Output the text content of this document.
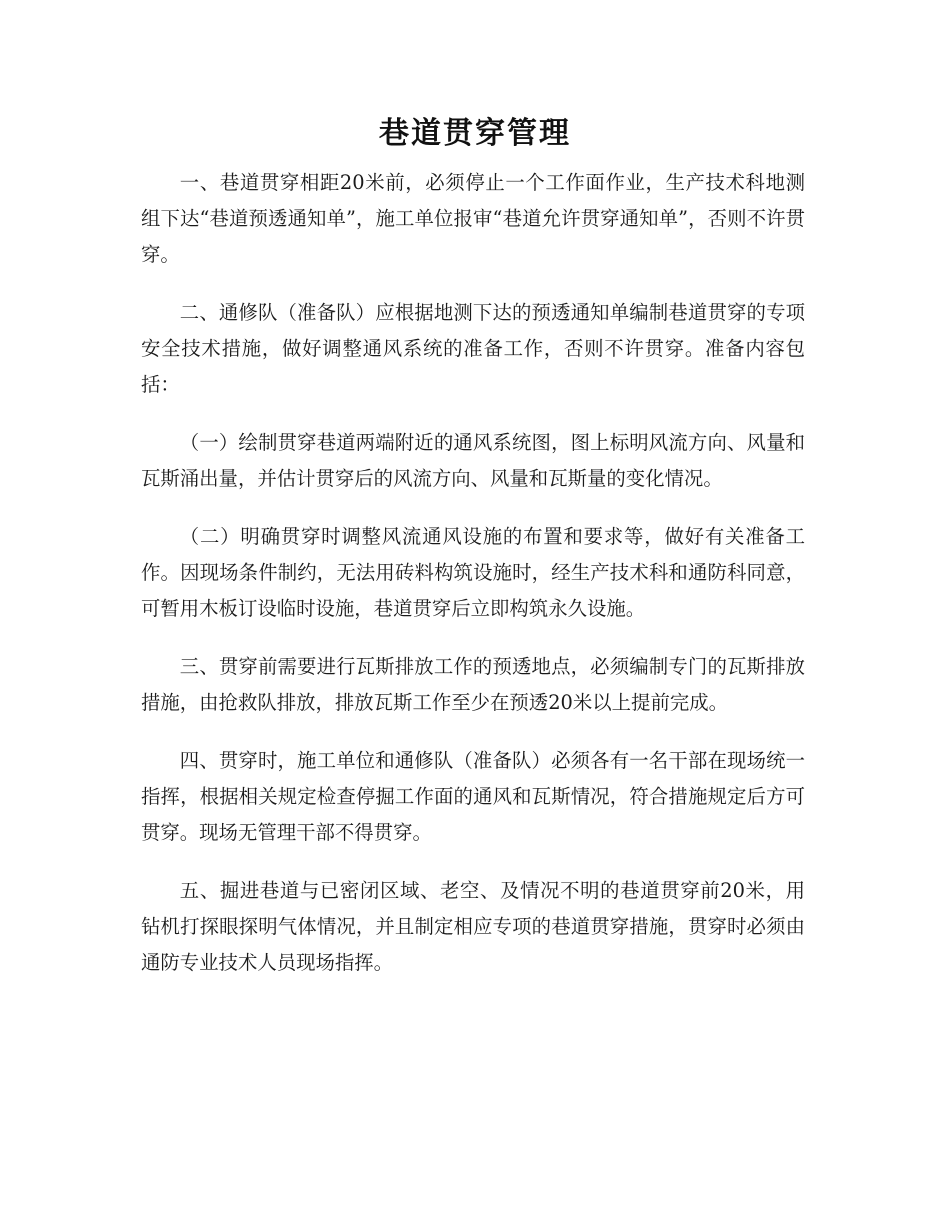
巷道贯穿管理

一、巷道贯穿相距20米前，必须停止一个工作面作业，生产技术科地测组下达“巷道预透通知单”，施工单位报审“巷道允许贯穿通知单”，否则不许贯穿。

二、通修队（准备队）应根据地测下达的预透通知单编制巷道贯穿的专项安全技术措施，做好调整通风系统的准备工作，否则不许贯穿。准备内容包括：

（一）绘制贯穿巷道两端附近的通风系统图，图上标明风流方向、风量和瓦斯涌出量，并估计贯穿后的风流方向、风量和瓦斯量的变化情况。

（二）明确贯穿时调整风流通风设施的布置和要求等，做好有关准备工作。因现场条件制约，无法用砖料构筑设施时，经生产技术科和通防科同意，可暂用木板订设临时设施，巷道贯穿后立即构筑永久设施。

三、贯穿前需要进行瓦斯排放工作的预透地点，必须编制专门的瓦斯排放措施，由抢救队排放，排放瓦斯工作至少在预透20米以上提前完成。

四、贯穿时，施工单位和通修队（准备队）必须各有一名干部在现场统一指挥，根据相关规定检查停掘工作面的通风和瓦斯情况，符合措施规定后方可贯穿。现场无管理干部不得贯穿。

五、掘进巷道与已密闭区域、老空、及情况不明的巷道贯穿前20米，用钻机打探眼探明气体情况，并且制定相应专项的巷道贯穿措施，贯穿时必须由通防专业技术人员现场指挥。
